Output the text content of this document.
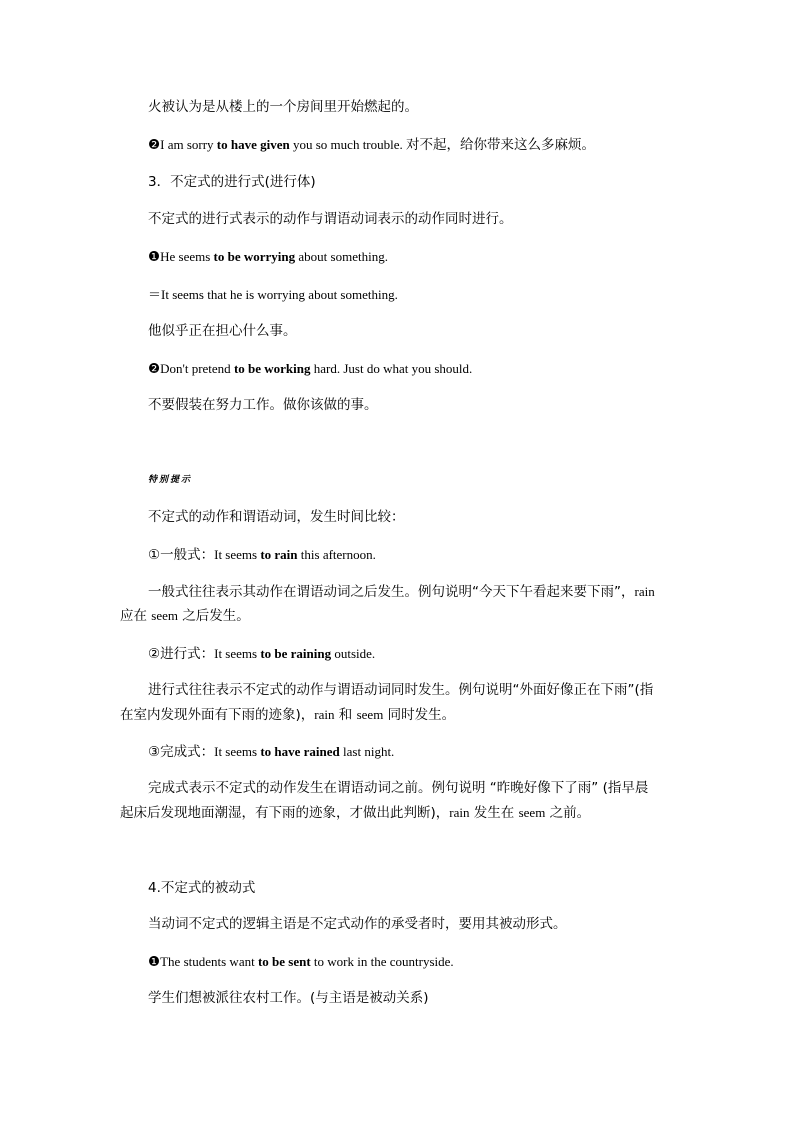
火被认为是从楼上的一个房间里开始燃起的。
❷I am sorry to have given you so much trouble. 对不起，给你带来这么多麻烦。
3．不定式的进行式(进行体)
不定式的进行式表示的动作与谓语动词表示的动作同时进行。
❶He seems to be worrying about something.
＝It seems that he is worrying about something.
他似乎正在担心什么事。
❷Don't pretend to be working hard. Just do what you should.
不要假装在努力工作。做你该做的事。
特别提示
不定式的动作和谓语动词，发生时间比较：
①一般式：It seems to rain this afternoon.
一般式往往表示其动作在谓语动词之后发生。例句说明“今天下午看起来要下雨”，rain
应在 seem 之后发生。
②进行式：It seems to be raining outside.
进行式往往表示不定式的动作与谓语动词同时发生。例句说明“外面好像正在下雨”(指
在室内发现外面有下雨的迹象)，rain 和 seem 同时发生。
③完成式：It seems to have rained last night.
完成式表示不定式的动作发生在谓语动词之前。例句说明 “昨晚好像下了雨” (指早晨
起床后发现地面潮湿，有下雨的迹象，才做出此判断)，rain 发生在 seem 之前。
4.不定式的被动式
当动词不定式的逻辑主语是不定式动作的承受者时，要用其被动形式。
❶The students want to be sent to work in the countryside.
学生们想被派往农村工作。(与主语是被动关系)
